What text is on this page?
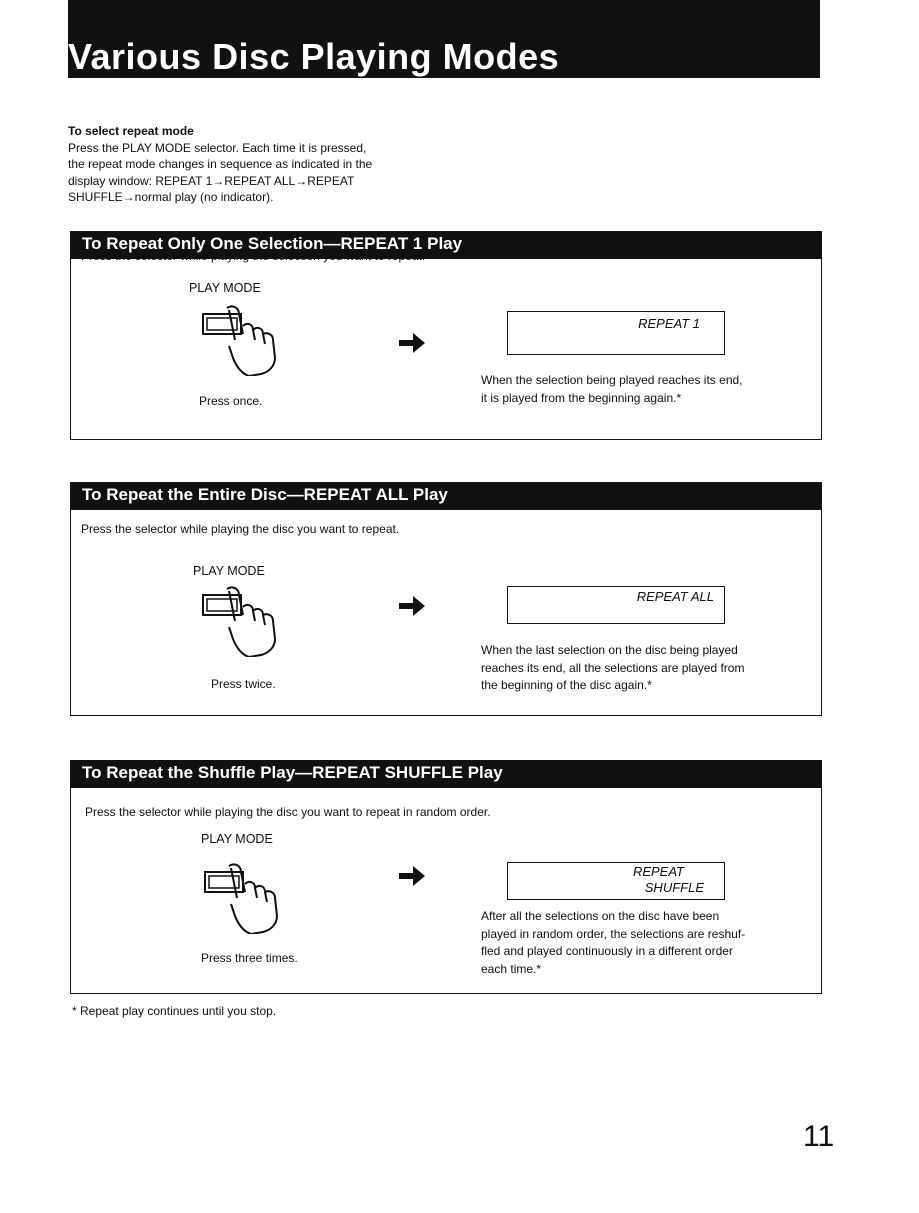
Various Disc Playing Modes
To select repeat mode
Press the PLAY MODE selector. Each time it is pressed,
the repeat mode changes in sequence as indicated in the
display window: REPEAT 1→REPEAT ALL→REPEAT
SHUFFLE→normal play (no indicator).
To Repeat Only One Selection—REPEAT 1 Play
Press the selector while playing the selection you want to repeat.
PLAY MODE
Press once.
REPEAT 1
When the selection being played reaches its end,
it is played from the beginning again.*
To Repeat the Entire Disc—REPEAT ALL Play
Press the selector while playing the disc you want to repeat.
PLAY MODE
Press twice.
REPEAT ALL
When the last selection on the disc being played
reaches its end, all the selections are played from
the beginning of the disc again.*
To Repeat the Shuffle Play—REPEAT SHUFFLE Play
Press the selector while playing the disc you want to repeat in random order.
PLAY MODE
Press three times.
REPEAT
SHUFFLE
After all the selections on the disc have been
played in random order, the selections are reshuf-
fled and played continuously in a different order
each time.*
* Repeat play continues until you stop.
11
